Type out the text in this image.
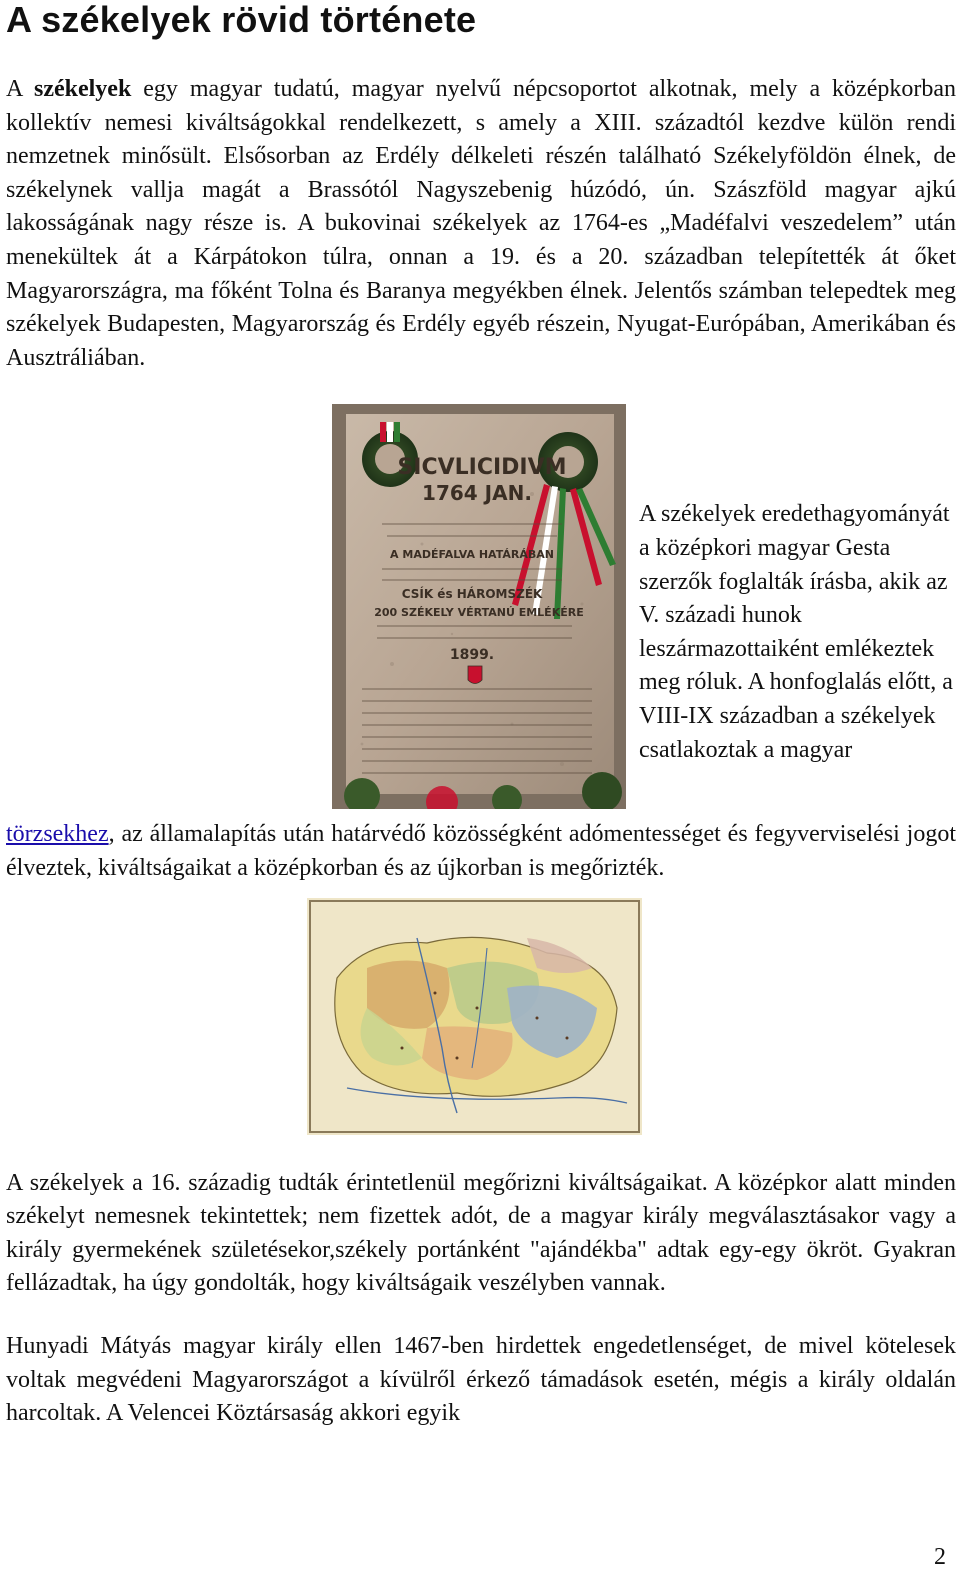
A székelyek rövid története

A székelyek egy magyar tudatú, magyar nyelvű népcsoportot alkotnak, mely a középkorban kollektív nemesi kiváltságokkal rendelkezett, s amely a XIII. századtól kezdve külön rendi nemzetnek minősült. Elsősorban az Erdély délkeleti részén található Székelyföldön élnek, de székelynek vallja magát a Brassótól Nagyszebenig húzódó, ún. Szászföld magyar ajkú lakosságának nagy része is. A bukovinai székelyek az 1764-es „Madéfalvi veszedelem” után menekültek át a Kárpátokon túlra, onnan a 19. és a 20. században telepítették át őket Magyarországra, ma főként Tolna és Baranya megyékben élnek. Jelentős számban telepedtek meg székelyek Budapesten, Magyarország és Erdély egyéb részein, Nyugat-Európában, Amerikában és Ausztráliában.

SICVLICIDIVM
1764 JAN.
A MADÉFALVA HATÁRÁBAN
CSÍK és HÁROMSZÉK
200 SZÉKELY VÉRTANÚ EMLÉKÉRE
1899.
A székelyek eredethagyományát a középkori magyar Gesta szerzők foglalták írásba, akik az V. századi hunok leszármazottaiként emlékeztek meg róluk. A honfoglalás előtt, a VIII-IX században a székelyek csatlakoztak a magyar

törzsekhez, az államalapítás után határvédő közösségként adómentességet és fegyverviselési jogot élveztek, kiváltságaikat a középkorban és az újkorban is megőrizték.

A székelyek a 16. századig tudták érintetlenül megőrizni kiváltságaikat. A középkor alatt minden székelyt nemesnek tekintettek; nem fizettek adót, de a magyar király megválasztásakor vagy a király gyermekének születésekor,székely portánként "ajándékba" adtak egy-egy ökröt. Gyakran fellázadtak, ha úgy gondolták, hogy kiváltságaik veszélyben vannak.

Hunyadi Mátyás magyar király ellen 1467-ben hirdettek engedetlenséget, de mivel kötelesek voltak megvédeni Magyarországot a kívülről érkező támadások esetén, mégis a király oldalán harcoltak. A Velencei Köztársaság akkori egyik

2
